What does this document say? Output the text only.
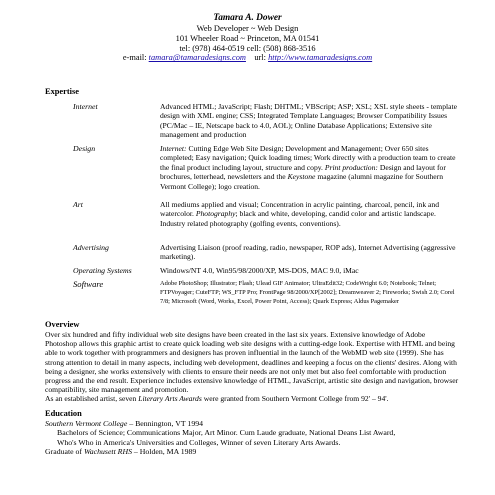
Tamara A. Dower
Web Developer ~ Web Design
101 Wheeler Road ~ Princeton, MA 01541
tel: (978) 464-0519 cell: (508) 868-3516
e-mail: tamara@tamaradesigns.com url: http://www.tamaradesigns.com
Expertise
Internet	Advanced HTML; JavaScript; Flash; DHTML; VBScript; ASP; XSL; XSL style sheets - template design with XML engine; CSS; Integrated Template Languages; Browser Compatibility Issues (PC/Mac – IE, Netscape back to 4.0, AOL); Online Database Applications; Extensive site management and production
Design	Internet: Cutting Edge Web Site Design; Development and Management; Over 650 sites completed; Easy navigation; Quick loading times; Work directly with a production team to create the final product including layout, structure and copy. Print production: Design and layout for brochures, letterhead, newsletters and the Keystone magazine (alumni magazine for Southern Vermont College); logo creation.
Art	All mediums applied and visual; Concentration in acrylic painting, charcoal, pencil, ink and watercolor. Photography; black and white, developing, candid color and artistic landscape. Industry related photography (golfing events, conventions).
Advertising	Advertising Liaison (proof reading, radio, newspaper, ROP ads), Internet Advertising (aggressive marketing).
Operating Systems	Windows/NT 4.0, Win95/98/2000/XP, MS-DOS, MAC 9.0, iMac
Software	Adobe PhotoShop; Illustrator; Flash; Ulead GIF Animator; UltraEdit32; CodeWright 6.0; Notebook; Telnet; FTPVoyager; CuteFTP; WS_FTP Pro; FrontPage 98/2000/XP[2002]; Dreamweaver 2; Fireworks; Swish 2.0; Corel 7/8; Microsoft (Word, Works, Excel, Power Point, Access); Quark Express; Aldus Pagemaker
Overview
Over six hundred and fifty individual web site designs have been created in the last six years. Extensive knowledge of Adobe Photoshop allows this graphic artist to create quick loading web site designs with a cutting-edge look. Expertise with HTML and being able to work together with programmers and designers has proven influential in the launch of the WebMD web site (1999). She has strong attention to detail in many aspects, including web development, deadlines and keeping a focus on the clients' desires. Along with being a designer, she works extensively with clients to ensure their needs are not only met but also feel comfortable with production progress and the end result. Experience includes extensive knowledge of HTML, JavaScript, artistic site design and navigation, browser compatibility, site management and promotion.
As an established artist, seven Literary Arts Awards were granted from Southern Vermont College from 92' – 94'.
Education
Southern Vermont College – Bennington, VT 1994
Bachelors of Science; Communications Major, Art Minor. Cum Laude graduate, National Deans List Award,
Who's Who in America's Universities and Colleges, Winner of seven Literary Arts Awards.
Graduate of Wachusett RHS – Holden, MA 1989
